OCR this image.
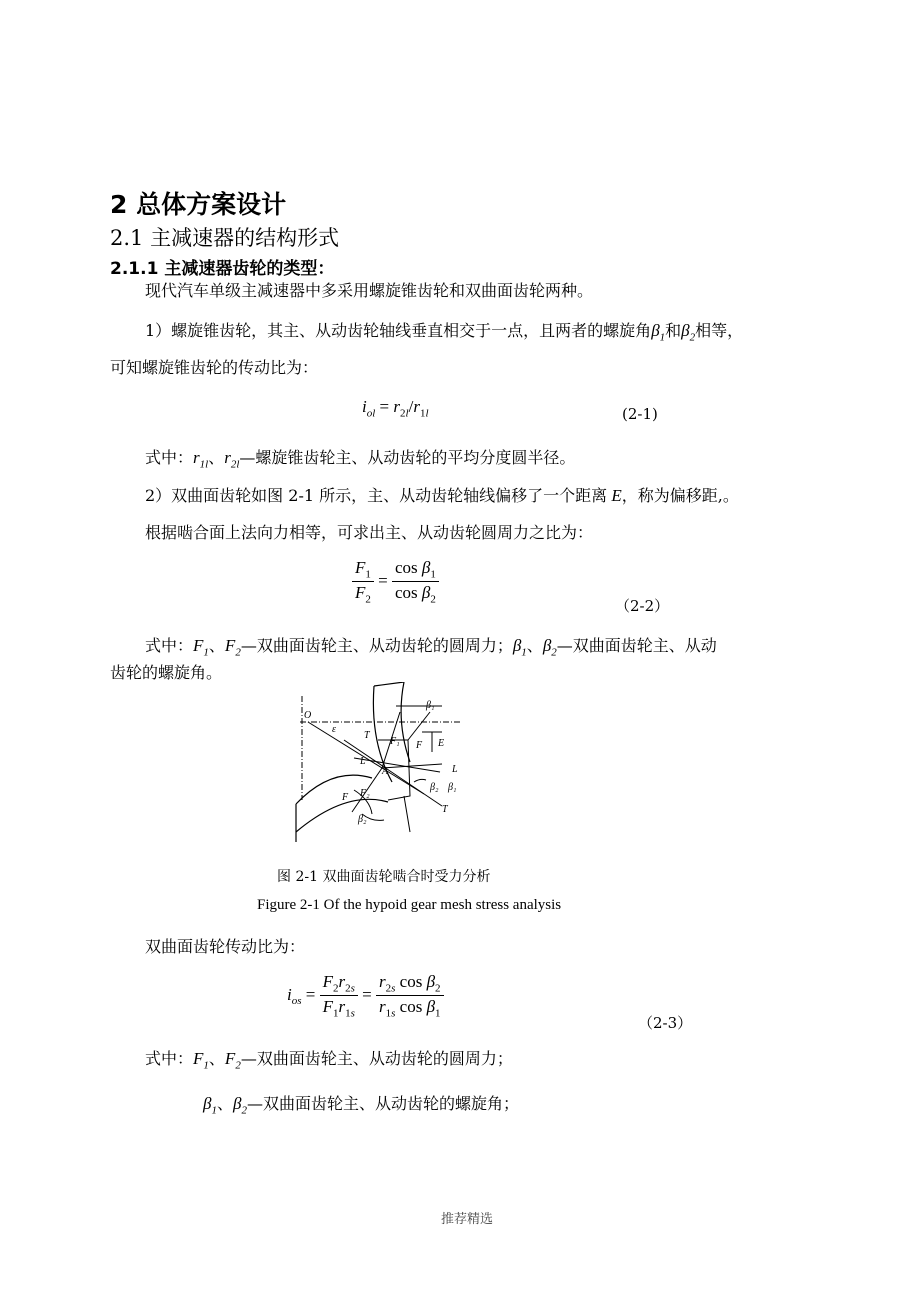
2 总体方案设计
2.1 主减速器的结构形式
2.1.1 主减速器齿轮的类型：
现代汽车单级主减速器中多采用螺旋锥齿轮和双曲面齿轮两种。
1）螺旋锥齿轮，其主、从动齿轮轴线垂直相交于一点，且两者的螺旋角$\beta_1$和$\beta_2$相等，
可知螺旋锥齿轮的传动比为：
$i_{ol} = r_{2l}/r_{1l}$	(2-1)
式中：$r_{1l}$、$r_{2l}—$螺旋锥齿轮主、从动齿轮的平均分度圆半径。
2）双曲面齿轮如图 2-1 所示，主、从动齿轮轴线偏移了一个距离 E，称为偏移距,。
根据啮合面上法向力相等，可求出主、从动齿轮圆周力之比为：
$\frac{F_1}{F_2} = \frac{\cos \beta_1}{\cos \beta_2}$
（2-2）
式中：$F_1$、$F_2—$双曲面齿轮主、从动齿轮的圆周力；$\beta_1$、$\beta_2—$双曲面齿轮主、从动
齿轮的螺旋角。
O
ε
T
F₁ F E
L
A	L
β₁
β₂ β₁
F F₂
β₂
T
图 2-1 双曲面齿轮啮合时受力分析
Figure 2-1 Of the hypoid gear mesh stress analysis
双曲面齿轮传动比为：
$i_{os} = \frac{F_2r_{2s}}{F_1r_{1s}} = \frac{r_{2s} \cos \beta_2}{r_{1s} \cos \beta_1}$
（2-3）
式中：$F_1$、$F_2—$双曲面齿轮主、从动齿轮的圆周力；
$\beta_1$、$\beta_2—$双曲面齿轮主、从动齿轮的螺旋角；
推荐精选
